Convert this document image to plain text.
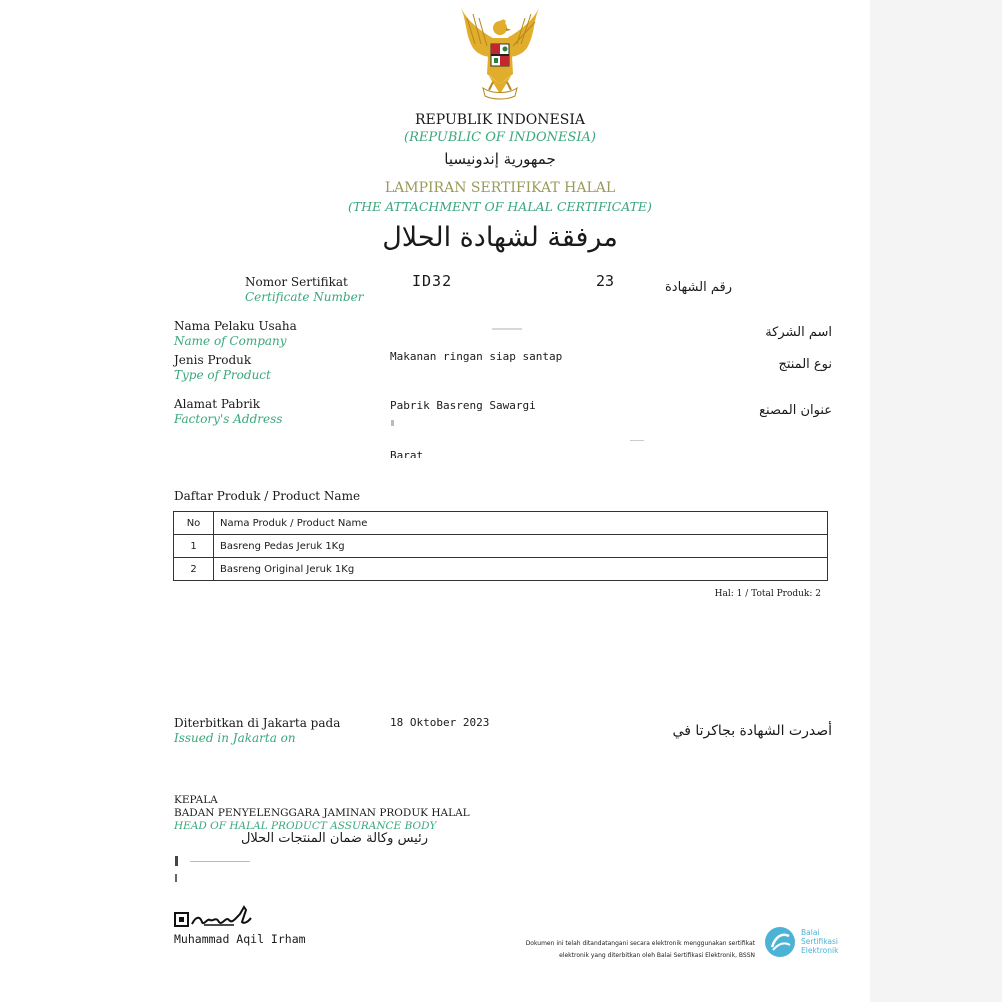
REPUBLIK INDONESIA
(REPUBLIC OF INDONESIA)
جمهورية إندونيسيا
LAMPIRAN SERTIFIKAT HALAL
(THE ATTACHMENT OF HALAL CERTIFICATE)
مرفقة لشهادة الحلال
Nomor Sertifikat
Certificate Number
ID32	23	رقم الشهادة
Nama Pelaku Usaha
Name of Company
اسم الشركة
Jenis Produk
Type of Product
Makanan ringan siap santap
نوع المنتج
Alamat Pabrik
Factory's Address
Pabrik Basreng Sawargi
Barat
عنوان المصنع
Daftar Produk / Product Name
No	Nama Produk / Product Name
1	Basreng Pedas Jeruk 1Kg
2	Basreng Original Jeruk 1Kg
Hal: 1 / Total Produk: 2
Diterbitkan di Jakarta pada
Issued in Jakarta on
18 Oktober 2023
أصدرت الشهادة بجاكرتا في
KEPALA
BADAN PENYELENGGARA JAMINAN PRODUK HALAL
HEAD OF HALAL PRODUCT ASSURANCE BODY
رئيس وكالة ضمان المنتجات الحلال
Muhammad Aqil Irham	Dokumen ini telah ditandatangani secara elektronik menggunakan sertifikat
elektronik yang diterbitkan oleh Balai Sertifikasi Elektronik, BSSN
Balai
Sertifikasi
Elektronik
